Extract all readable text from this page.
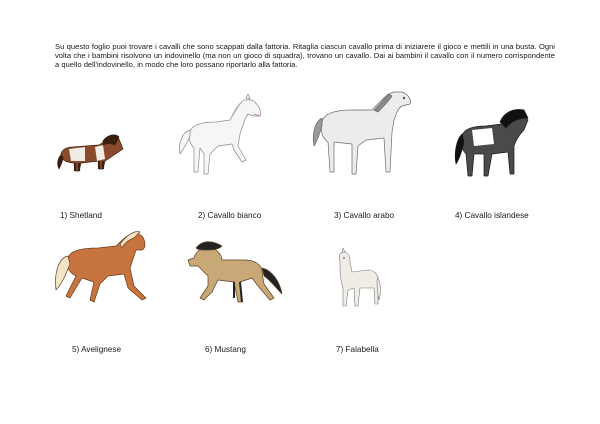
Su questo foglio puoi trovare i cavalli che sono scappati dalla fattoria. Ritaglia ciascun cavallo prima di iniziarere il gioco e mettili in una busta. Ogni volta che i bambini risolvono un indovinello (ma non un gioco di squadra), trovano un cavallo. Dai ai bambini il cavallo con il numero corrispondente a quello dell'indovinello, in modo che loro possano riportarlo alla fattoria.

1) Shetland	2) Cavallo bianco	3) Cavallo arabo	4) Cavallo islandese

5) Avelignese	6) Mustang	7) Falabella
